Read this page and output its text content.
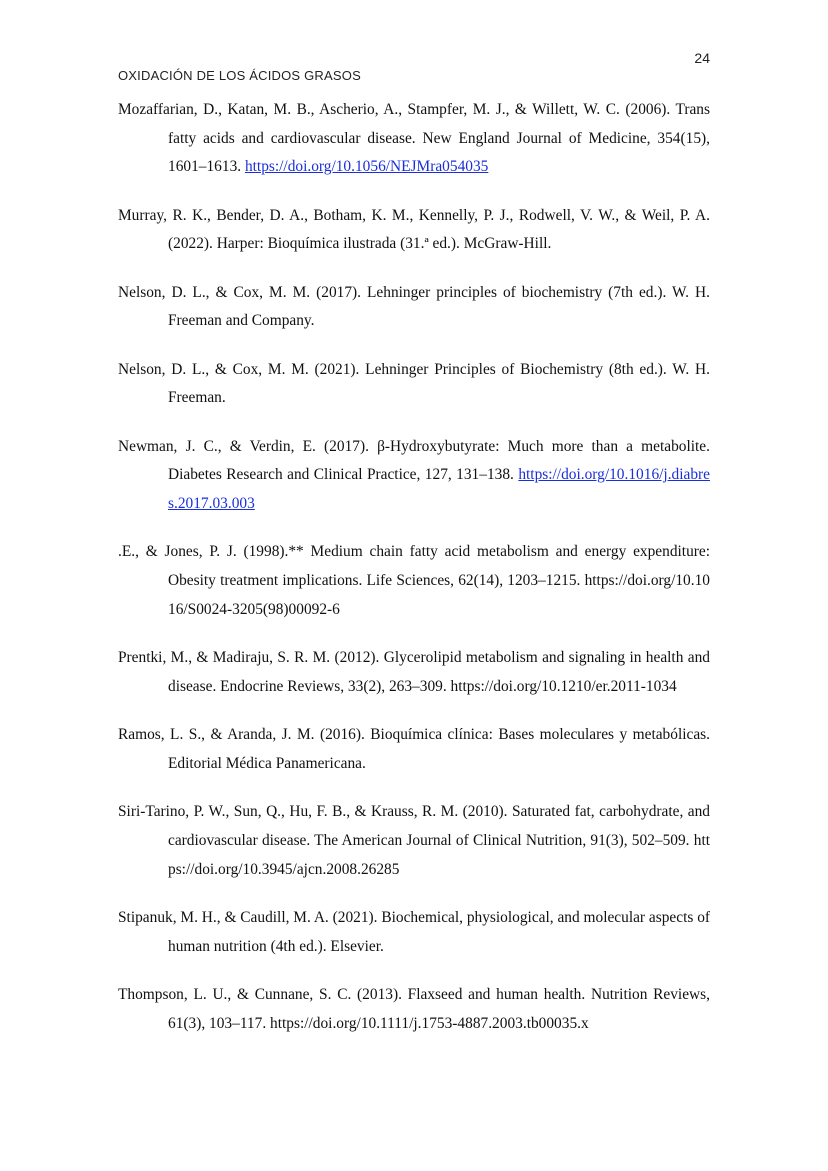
24
OXIDACIÓN DE LOS ÁCIDOS GRASOS
Mozaffarian, D., Katan, M. B., Ascherio, A., Stampfer, M. J., & Willett, W. C. (2006). Trans fatty acids and cardiovascular disease. New England Journal of Medicine, 354(15), 1601–1613. https://doi.org/10.1056/NEJMra054035
Murray, R. K., Bender, D. A., Botham, K. M., Kennelly, P. J., Rodwell, V. W., & Weil, P. A. (2022). Harper: Bioquímica ilustrada (31.ª ed.). McGraw-Hill.
Nelson, D. L., & Cox, M. M. (2017). Lehninger principles of biochemistry (7th ed.). W. H. Freeman and Company.
Nelson, D. L., & Cox, M. M. (2021). Lehninger Principles of Biochemistry (8th ed.). W. H. Freeman.
Newman, J. C., & Verdin, E. (2017). β-Hydroxybutyrate: Much more than a metabolite. Diabetes Research and Clinical Practice, 127, 131–138. https://doi.org/10.1016/j.diabres.2017.03.003
.E., & Jones, P. J. (1998).** Medium chain fatty acid metabolism and energy expenditure: Obesity treatment implications. Life Sciences, 62(14), 1203–1215. https://doi.org/10.1016/S0024-3205(98)00092-6
Prentki, M., & Madiraju, S. R. M. (2012). Glycerolipid metabolism and signaling in health and disease. Endocrine Reviews, 33(2), 263–309. https://doi.org/10.1210/er.2011-1034
Ramos, L. S., & Aranda, J. M. (2016). Bioquímica clínica: Bases moleculares y metabólicas. Editorial Médica Panamericana.
Siri-Tarino, P. W., Sun, Q., Hu, F. B., & Krauss, R. M. (2010). Saturated fat, carbohydrate, and cardiovascular disease. The American Journal of Clinical Nutrition, 91(3), 502–509. https://doi.org/10.3945/ajcn.2008.26285
Stipanuk, M. H., & Caudill, M. A. (2021). Biochemical, physiological, and molecular aspects of human nutrition (4th ed.). Elsevier.
Thompson, L. U., & Cunnane, S. C. (2013). Flaxseed and human health. Nutrition Reviews, 61(3), 103–117. https://doi.org/10.1111/j.1753-4887.2003.tb00035.x
